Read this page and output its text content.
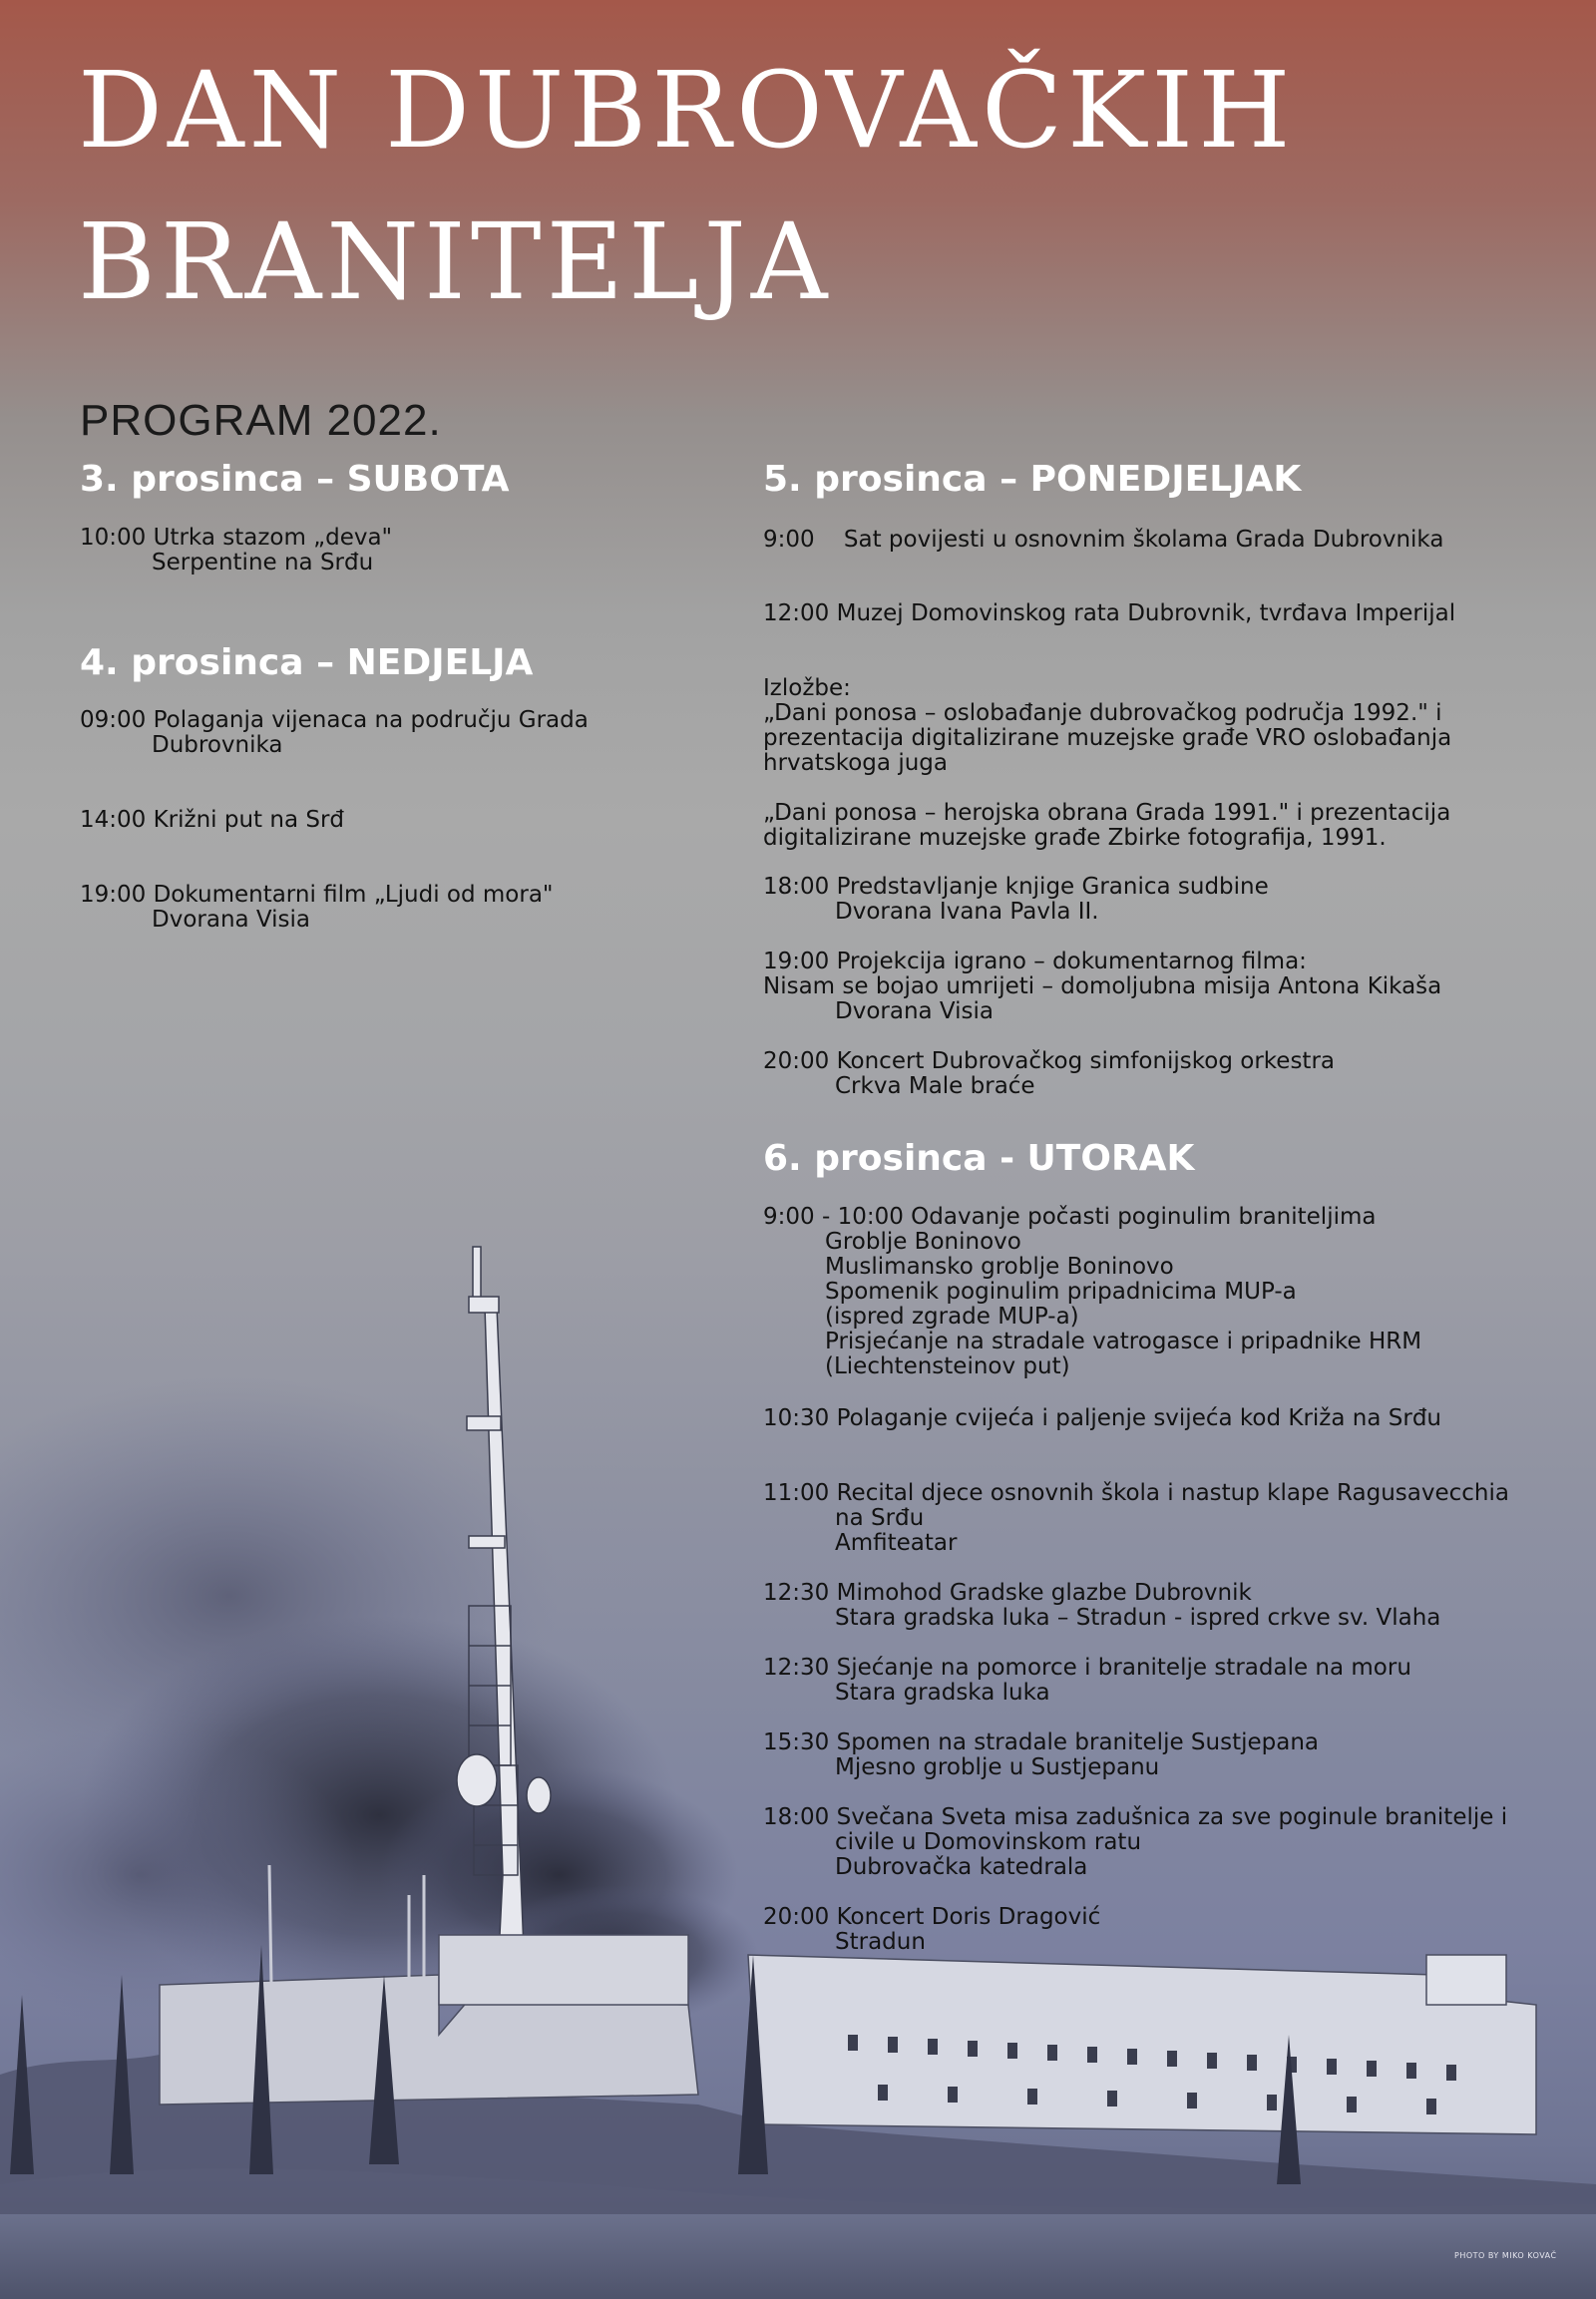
DAN DUBROVAČKIH
BRANITELJA
PROGRAM 2022.
3. prosinca – SUBOTA
10:00 Utrka stazom „deva"
Serpentine na Srđu
4. prosinca – NEDJELJA
09:00 Polaganja vijenaca na području Grada
Dubrovnika
14:00 Križni put na Srđ
19:00 Dokumentarni film „Ljudi od mora"
Dvorana Visia
5. prosinca – PONEDJELJAK
9:00    Sat povijesti u osnovnim školama Grada Dubrovnika
12:00 Muzej Domovinskog rata Dubrovnik, tvrđava Imperijal
Izložbe:
„Dani ponosa – oslobađanje dubrovačkog područja 1992." i
prezentacija digitalizirane muzejske građe VRO oslobađanja
hrvatskoga juga
„Dani ponosa – herojska obrana Grada 1991." i prezentacija
digitalizirane muzejske građe Zbirke fotografija, 1991.
18:00 Predstavljanje knjige Granica sudbine
Dvorana Ivana Pavla II.
19:00 Projekcija igrano – dokumentarnog filma:
Nisam se bojao umrijeti – domoljubna misija Antona Kikaša
Dvorana Visia
20:00 Koncert Dubrovačkog simfonijskog orkestra
Crkva Male braće
6. prosinca - UTORAK
9:00 - 10:00 Odavanje počasti poginulim braniteljima
Groblje Boninovo
Muslimansko groblje Boninovo
Spomenik poginulim pripadnicima MUP-a
(ispred zgrade MUP-a)
Prisjećanje na stradale vatrogasce i pripadnike HRM
(Liechtensteinov put)
10:30 Polaganje cvijeća i paljenje svijeća kod Križa na Srđu
11:00 Recital djece osnovnih škola i nastup klape Ragusavecchia
na Srđu
Amfiteatar
12:30 Mimohod Gradske glazbe Dubrovnik
Stara gradska luka – Stradun - ispred crkve sv. Vlaha
12:30 Sjećanje na pomorce i branitelje stradale na moru
Stara gradska luka
15:30 Spomen na stradale branitelje Sustjepana
Mjesno groblje u Sustjepanu
18:00 Svečana Sveta misa zadušnica za sve poginule branitelje i
civile u Domovinskom ratu
Dubrovačka katedrala
20:00 Koncert Doris Dragović
Stradun
PHOTO BY MIKO KOVAČ
